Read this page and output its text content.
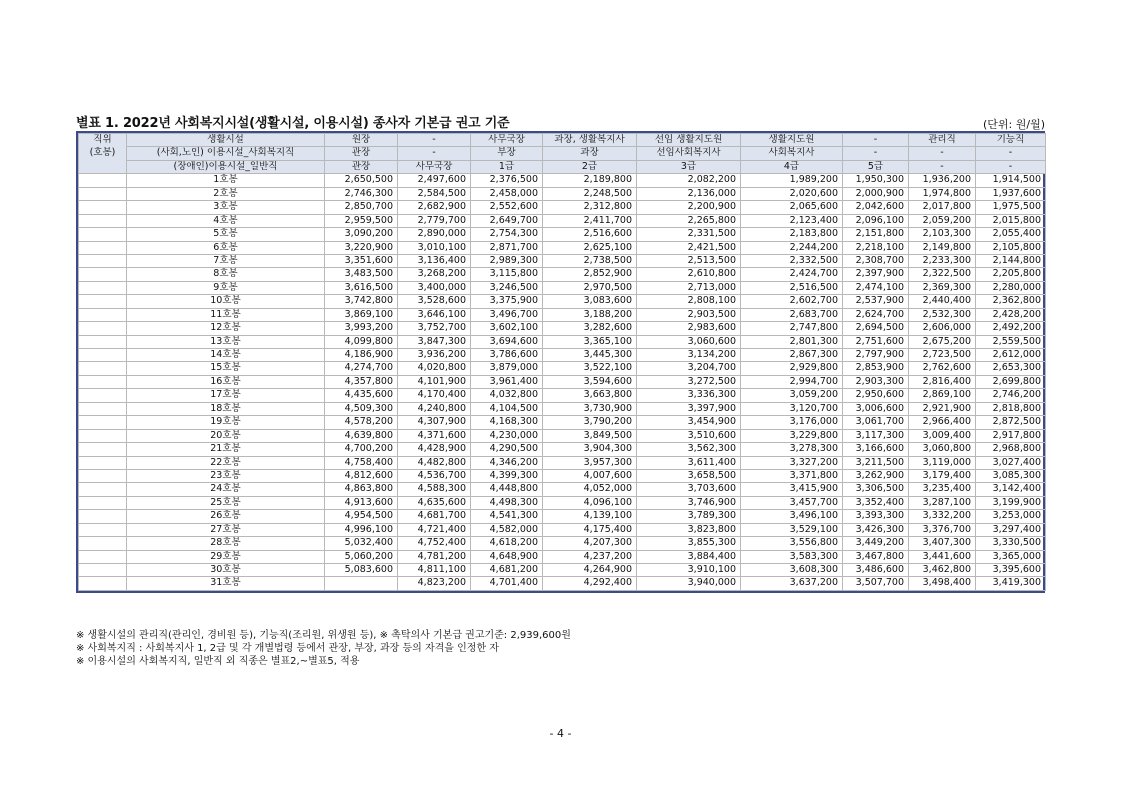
별표 1. 2022년 사회복지시설(생활시설, 이용시설) 종사자 기본급 권고 기준	(단위: 원/월)
직위	생활시설	원장	-	사무국장	과장, 생활복지사	선임 생활지도원	생활지도원	-	관리직	기능직
(호봉)	(사회,노인) 이용시설_사회복지직	관장	-	부장	과장	선임사회복지사	사회복지사	-	-	-
	(장애인)이용시설_일반직	관장	사무국장	1급	2급	3급	4급	5급	-	-
	1호봉	2,650,500	2,497,600	2,376,500	2,189,800	2,082,200	1,989,200	1,950,300	1,936,200	1,914,500
	2호봉	2,746,300	2,584,500	2,458,000	2,248,500	2,136,000	2,020,600	2,000,900	1,974,800	1,937,600
	3호봉	2,850,700	2,682,900	2,552,600	2,312,800	2,200,900	2,065,600	2,042,600	2,017,800	1,975,500
	4호봉	2,959,500	2,779,700	2,649,700	2,411,700	2,265,800	2,123,400	2,096,100	2,059,200	2,015,800
	5호봉	3,090,200	2,890,000	2,754,300	2,516,600	2,331,500	2,183,800	2,151,800	2,103,300	2,055,400
	6호봉	3,220,900	3,010,100	2,871,700	2,625,100	2,421,500	2,244,200	2,218,100	2,149,800	2,105,800
	7호봉	3,351,600	3,136,400	2,989,300	2,738,500	2,513,500	2,332,500	2,308,700	2,233,300	2,144,800
	8호봉	3,483,500	3,268,200	3,115,800	2,852,900	2,610,800	2,424,700	2,397,900	2,322,500	2,205,800
	9호봉	3,616,500	3,400,000	3,246,500	2,970,500	2,713,000	2,516,500	2,474,100	2,369,300	2,280,000
	10호봉	3,742,800	3,528,600	3,375,900	3,083,600	2,808,100	2,602,700	2,537,900	2,440,400	2,362,800
	11호봉	3,869,100	3,646,100	3,496,700	3,188,200	2,903,500	2,683,700	2,624,700	2,532,300	2,428,200
	12호봉	3,993,200	3,752,700	3,602,100	3,282,600	2,983,600	2,747,800	2,694,500	2,606,000	2,492,200
	13호봉	4,099,800	3,847,300	3,694,600	3,365,100	3,060,600	2,801,300	2,751,600	2,675,200	2,559,500
	14호봉	4,186,900	3,936,200	3,786,600	3,445,300	3,134,200	2,867,300	2,797,900	2,723,500	2,612,000
	15호봉	4,274,700	4,020,800	3,879,000	3,522,100	3,204,700	2,929,800	2,853,900	2,762,600	2,653,300
	16호봉	4,357,800	4,101,900	3,961,400	3,594,600	3,272,500	2,994,700	2,903,300	2,816,400	2,699,800
	17호봉	4,435,600	4,170,400	4,032,800	3,663,800	3,336,300	3,059,200	2,950,600	2,869,100	2,746,200
	18호봉	4,509,300	4,240,800	4,104,500	3,730,900	3,397,900	3,120,700	3,006,600	2,921,900	2,818,800
	19호봉	4,578,200	4,307,900	4,168,300	3,790,200	3,454,900	3,176,000	3,061,700	2,966,400	2,872,500
	20호봉	4,639,800	4,371,600	4,230,000	3,849,500	3,510,600	3,229,800	3,117,300	3,009,400	2,917,800
	21호봉	4,700,200	4,428,900	4,290,500	3,904,300	3,562,300	3,278,300	3,166,600	3,060,800	2,968,800
	22호봉	4,758,400	4,482,800	4,346,200	3,957,300	3,611,400	3,327,200	3,211,500	3,119,000	3,027,400
	23호봉	4,812,600	4,536,700	4,399,300	4,007,600	3,658,500	3,371,800	3,262,900	3,179,400	3,085,300
	24호봉	4,863,800	4,588,300	4,448,800	4,052,000	3,703,600	3,415,900	3,306,500	3,235,400	3,142,400
	25호봉	4,913,600	4,635,600	4,498,300	4,096,100	3,746,900	3,457,700	3,352,400	3,287,100	3,199,900
	26호봉	4,954,500	4,681,700	4,541,300	4,139,100	3,789,300	3,496,100	3,393,300	3,332,200	3,253,000
	27호봉	4,996,100	4,721,400	4,582,000	4,175,400	3,823,800	3,529,100	3,426,300	3,376,700	3,297,400
	28호봉	5,032,400	4,752,400	4,618,200	4,207,300	3,855,300	3,556,800	3,449,200	3,407,300	3,330,500
	29호봉	5,060,200	4,781,200	4,648,900	4,237,200	3,884,400	3,583,300	3,467,800	3,441,600	3,365,000
	30호봉	5,083,600	4,811,100	4,681,200	4,264,900	3,910,100	3,608,300	3,486,600	3,462,800	3,395,600
	31호봉		4,823,200	4,701,400	4,292,400	3,940,000	3,637,200	3,507,700	3,498,400	3,419,300
※ 생활시설의 관리직(관리인, 경비원 등), 기능직(조리원, 위생원 등), ※ 촉탁의사 기본급 권고기준: 2,939,600원
※ 사회복지직 : 사회복지사 1, 2급 및 각 개별법령 등에서 관장, 부장, 과장 등의 자격을 인정한 자
※ 이용시설의 사회복지직, 일반직 외 직종은 별표2,~별표5, 적용
- 4 -
